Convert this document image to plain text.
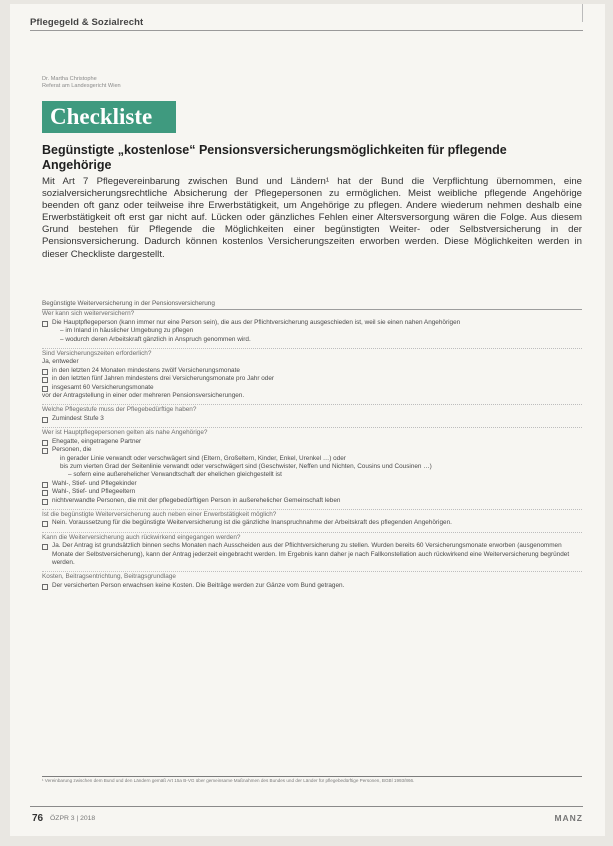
Pflegegeld & Sozialrecht
Dr. Martha Christophe
Referat am Landesgericht Wien
Checkliste
Begünstigte „kostenlose“ Pensionsversicherungsmöglichkeiten für pflegende Angehörige
Mit Art 7 Pflegevereinbarung zwischen Bund und Ländern¹ hat der Bund die Verpflichtung übernommen, eine sozialversicherungsrechtliche Absicherung der Pflegepersonen zu ermöglichen. Meist weibliche pflegende Angehörige beenden oft ganz oder teilweise ihre Erwerbstätigkeit, um Angehörige zu pflegen. Andere wiederum nehmen deshalb eine Erwerbstätigkeit oft erst gar nicht auf. Lücken oder gänzliches Fehlen einer Altersversorgung wären die Folge. Aus diesem Grund bestehen für Pflegende die Möglichkeiten einer begünstigten Weiter- oder Selbstversicherung in der Pensionsversicherung. Dadurch können kostenlos Versicherungszeiten erworben werden. Diese Möglichkeiten werden in dieser Checkliste dargestellt.
Begünstigte Weiterversicherung in der Pensionsversicherung
Wer kann sich weiterversichern?
Die Hauptpflegeperson (kann immer nur eine Person sein), die aus der Pflichtversicherung ausgeschieden ist, weil sie einen nahen Angehörigen
– im Inland in häuslicher Umgebung zu pflegen
– wodurch deren Arbeitskraft gänzlich in Anspruch genommen wird.
Sind Versicherungszeiten erforderlich?
Ja, entweder
in den letzten 24 Monaten mindestens zwölf Versicherungsmonate
in den letzten fünf Jahren mindestens drei Versicherungsmonate pro Jahr oder
insgesamt 60 Versicherungsmonate
vor der Antragstellung in einer oder mehreren Pensionsversicherungen.
Welche Pflegestufe muss der Pflegebedürftige haben?
Zumindest Stufe 3
Wer ist Hauptpflegepersonen gelten als nahe Angehörige?
Ehegatte, eingetragene Partner
Personen, die
in gerader Linie verwandt oder verschwägert sind (Eltern, Großeltern, Kinder, Enkel, Urenkel …) oder
bis zum vierten Grad der Seitenlinie verwandt oder verschwägert sind (Geschwister, Neffen und Nichten, Cousins und Cousinen …)
– sofern eine außerehelicher Verwandtschaft der ehelichen gleichgestellt ist
Wahl-, Stief- und Pflegekinder
Wahl-, Stief- und Pflegeeltern
nichtverwandte Personen, die mit der pflegebedürftigen Person in außerehelicher Gemeinschaft leben
Ist die begünstigte Weiterversicherung auch neben einer Erwerbstätigkeit möglich?
Nein. Voraussetzung für die begünstigte Weiterversicherung ist die gänzliche Inanspruchnahme der Arbeitskraft des pflegenden Angehörigen.
Kann die Weiterversicherung auch rückwirkend eingegangen werden?
Ja. Der Antrag ist grundsätzlich binnen sechs Monaten nach Ausscheiden aus der Pflichtversicherung zu stellen. Wurden bereits 60 Versicherungsmonate erworben (ausgenommen Monate der Selbstversicherung), kann der Antrag jederzeit eingebracht werden. Im Ergebnis kann daher je nach Fallkonstellation auch rückwirkend eine Weiterversicherung begründet werden.
Kosten, Beitragsentrichtung, Beitragsgrundlage
Der versicherten Person erwachsen keine Kosten. Die Beiträge werden zur Gänze vom Bund getragen.
¹ Vereinbarung zwischen dem Bund und den Ländern gemäß Art 15a B-VG über gemeinsame Maßnahmen des Bundes und der Länder für pflegebedürftige Personen, BGBl 1993/866.
76 ÖZPR 3 | 2018	MANZ
